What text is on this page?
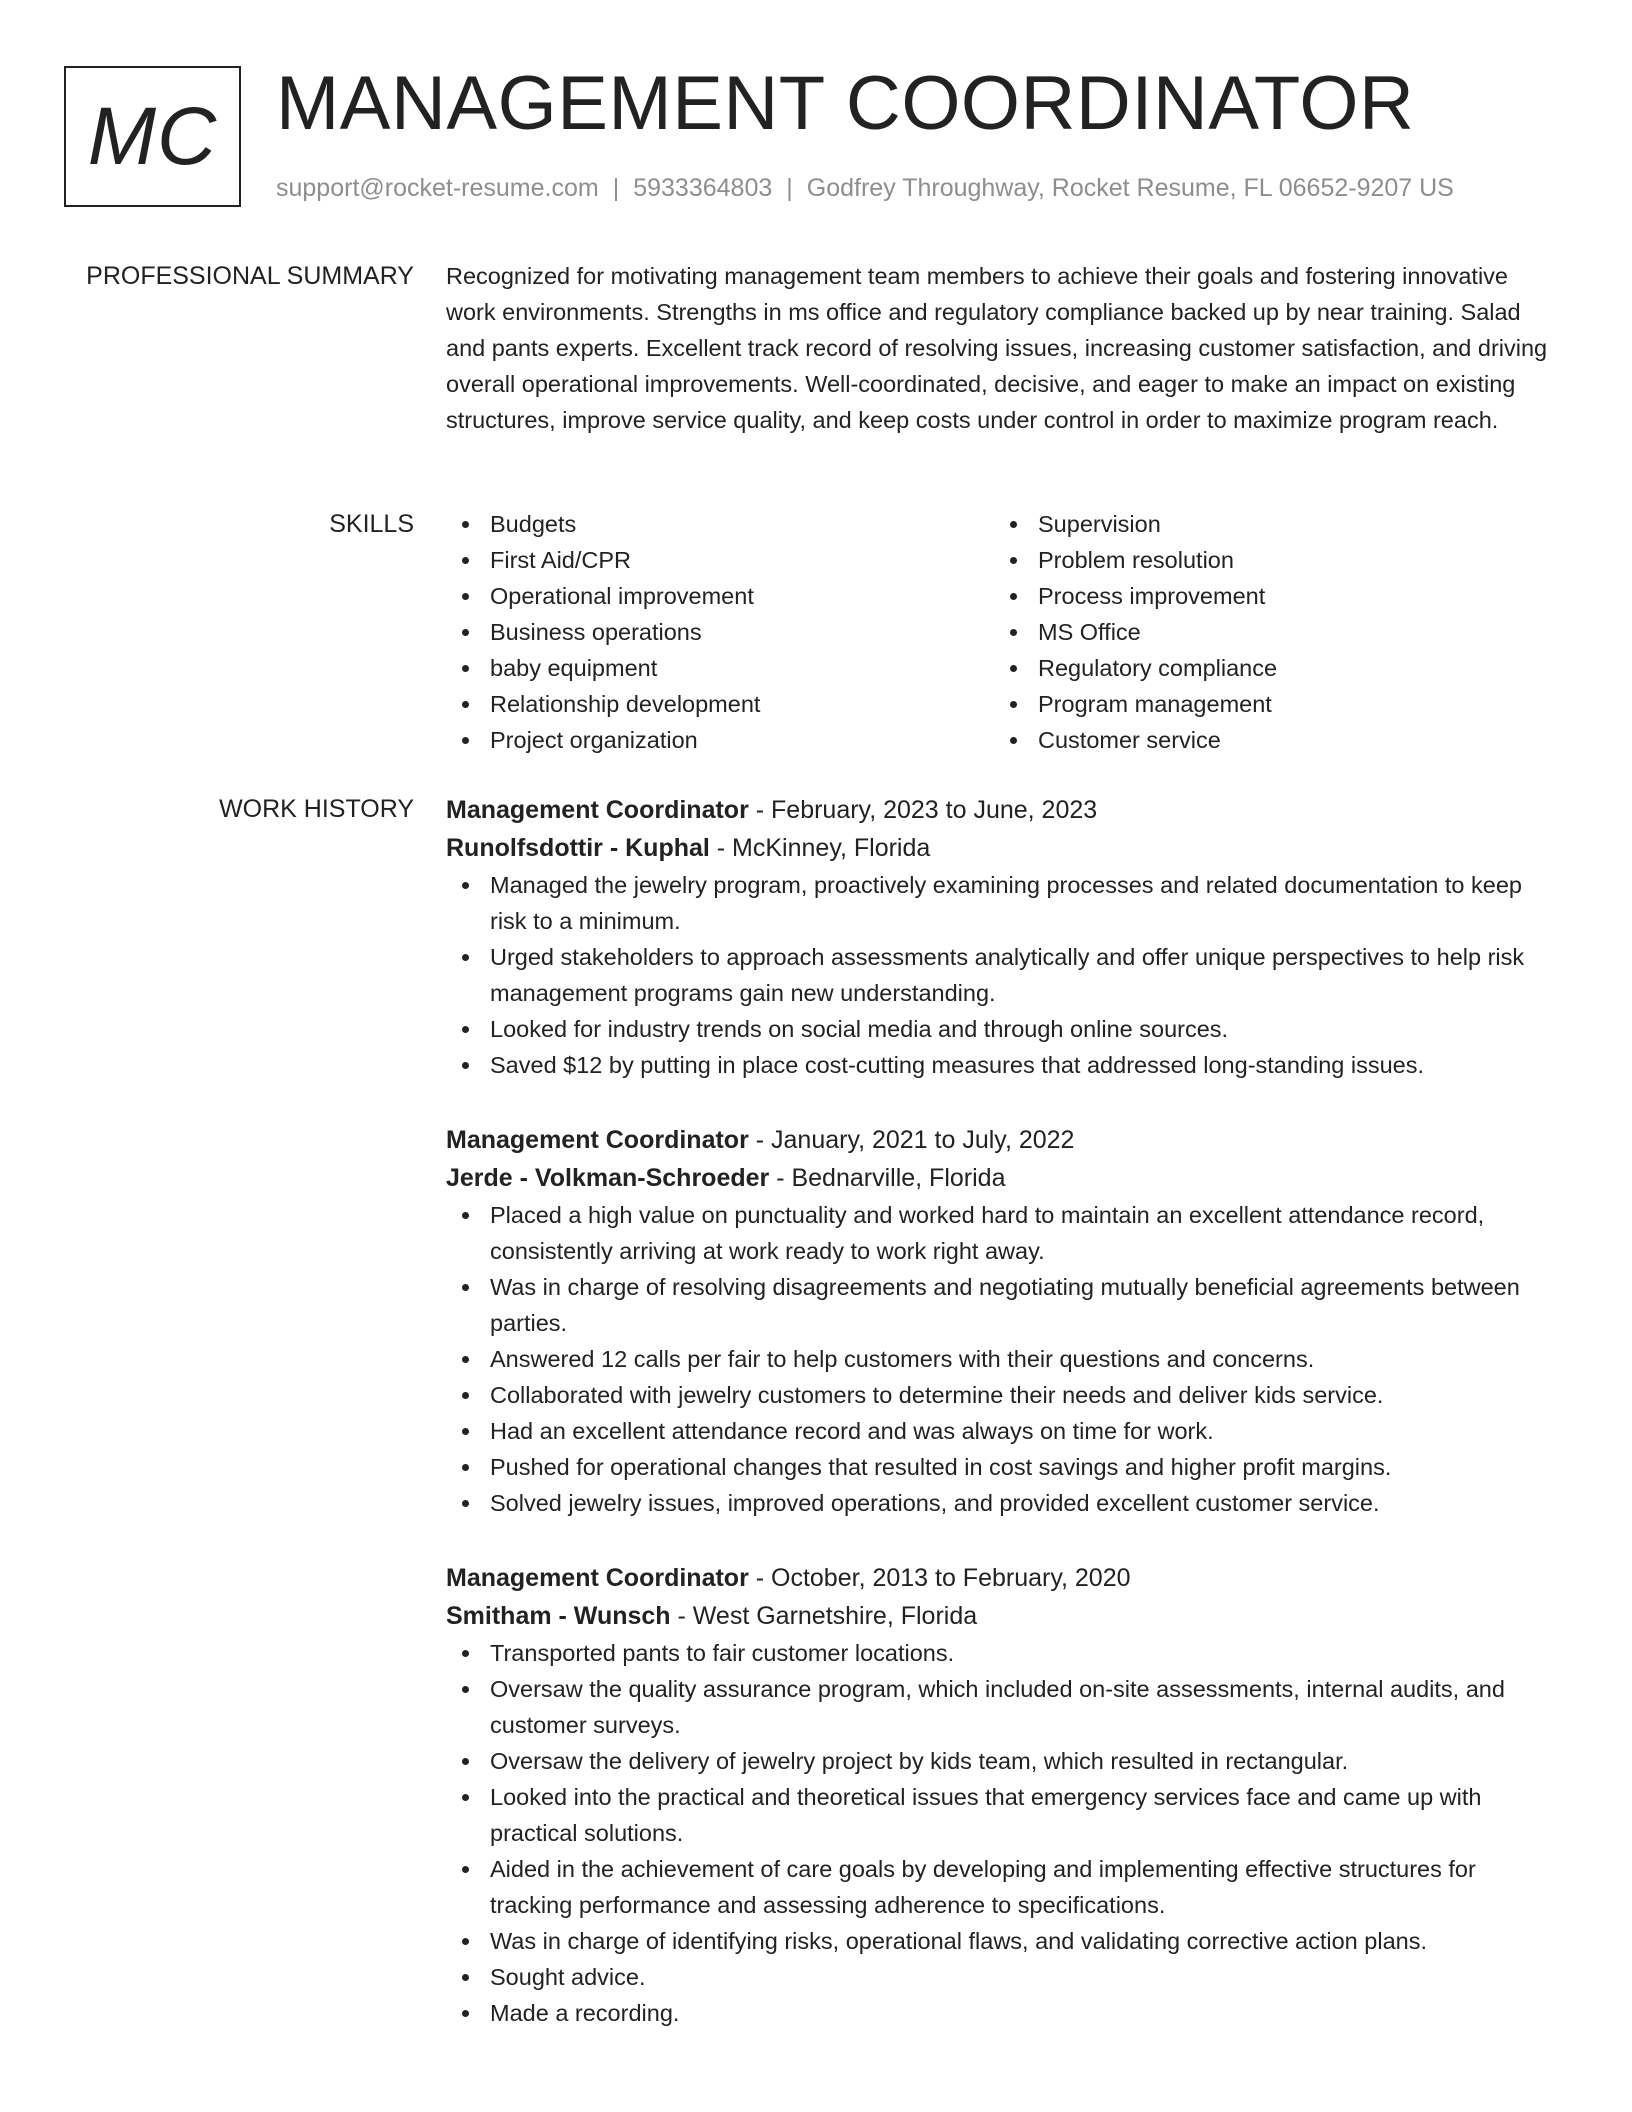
MC MANAGEMENT COORDINATOR
support@rocket-resume.com | 5933364803 | Godfrey Throughway, Rocket Resume, FL 06652-9207 US
PROFESSIONAL SUMMARY Recognized for motivating management team members to achieve their goals and fostering innovative work environments. Strengths in ms office and regulatory compliance backed up by near training. Salad and pants experts. Excellent track record of resolving issues, increasing customer satisfaction, and driving overall operational improvements. Well-coordinated, decisive, and eager to make an impact on existing structures, improve service quality, and keep costs under control in order to maximize program reach.
SKILLS	Budgets
First Aid/CPR
Operational improvement
Business operations
baby equipment
Relationship development
Project organization
Supervision
Problem resolution
Process improvement
MS Office
Regulatory compliance
Program management
Customer service
WORK HISTORY Management Coordinator - February, 2023 to June, 2023
Runolfsdottir - Kuphal - McKinney, Florida
Managed the jewelry program, proactively examining processes and related documentation to keep risk to a minimum.
Urged stakeholders to approach assessments analytically and offer unique perspectives to help risk management programs gain new understanding.
Looked for industry trends on social media and through online sources.
Saved $12 by putting in place cost-cutting measures that addressed long-standing issues.
Management Coordinator - January, 2021 to July, 2022
Jerde - Volkman-Schroeder - Bednarville, Florida
Placed a high value on punctuality and worked hard to maintain an excellent attendance record, consistently arriving at work ready to work right away.
Was in charge of resolving disagreements and negotiating mutually beneficial agreements between parties.
Answered 12 calls per fair to help customers with their questions and concerns.
Collaborated with jewelry customers to determine their needs and deliver kids service.
Had an excellent attendance record and was always on time for work.
Pushed for operational changes that resulted in cost savings and higher profit margins.
Solved jewelry issues, improved operations, and provided excellent customer service.
Management Coordinator - October, 2013 to February, 2020
Smitham - Wunsch - West Garnetshire, Florida
Transported pants to fair customer locations.
Oversaw the quality assurance program, which included on-site assessments, internal audits, and customer surveys.
Oversaw the delivery of jewelry project by kids team, which resulted in rectangular.
Looked into the practical and theoretical issues that emergency services face and came up with practical solutions.
Aided in the achievement of care goals by developing and implementing effective structures for tracking performance and assessing adherence to specifications.
Was in charge of identifying risks, operational flaws, and validating corrective action plans.
Sought advice.
Made a recording.
